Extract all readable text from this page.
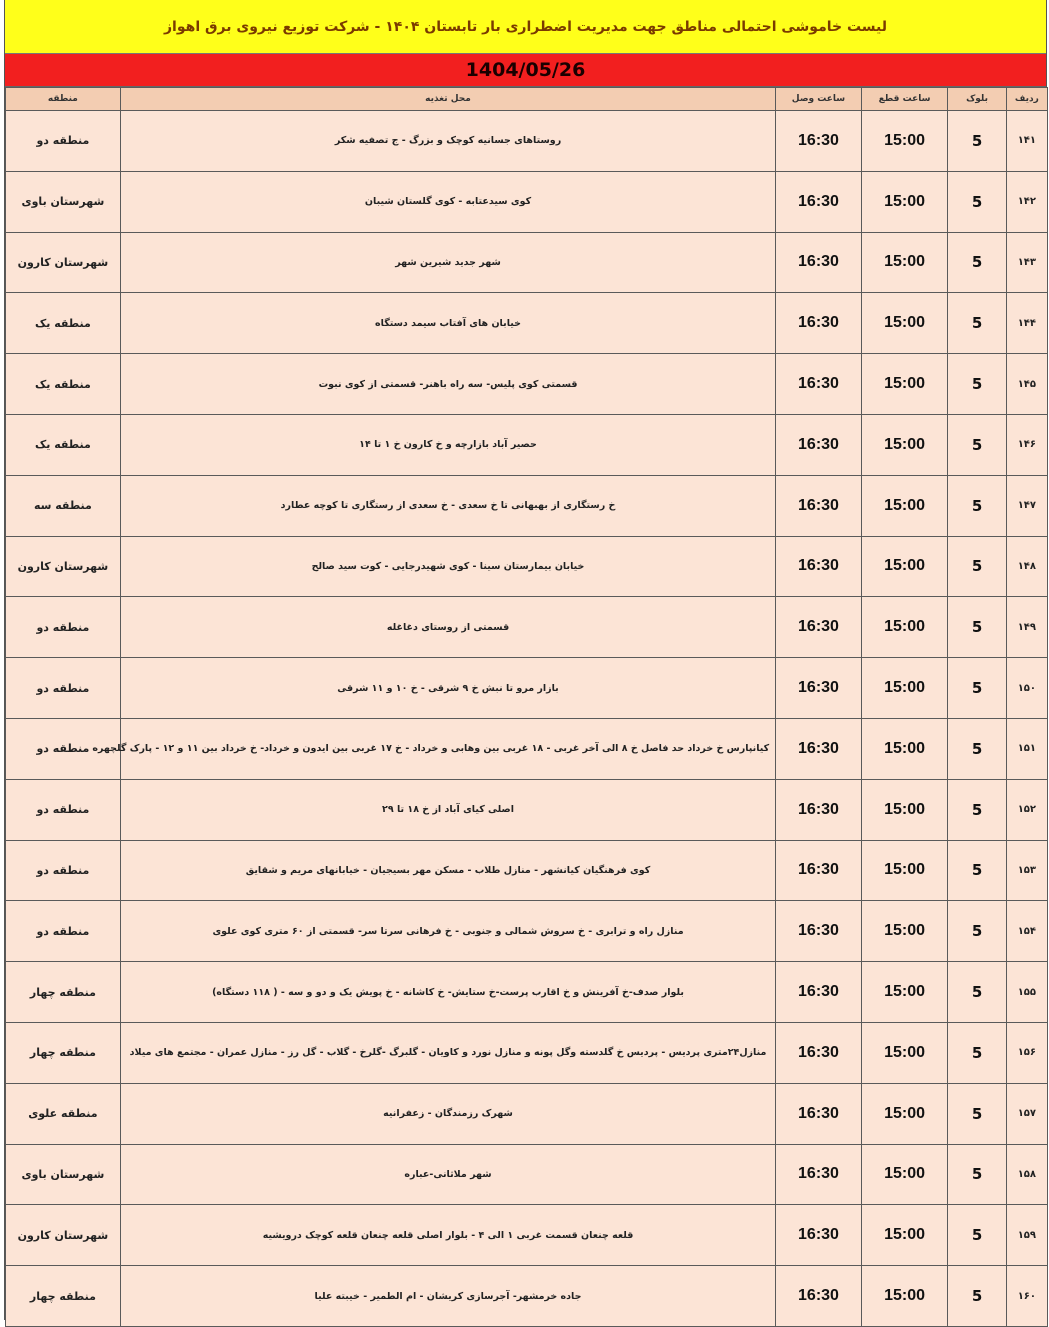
لیست خاموشی احتمالی مناطق جهت مدیریت اضطراری بار تابستان ۱۴۰۴ - شرکت توزیع نیروی برق اهواز
1404/05/26
ردیف	بلوک	ساعت قطع	ساعت وصل	محل تغذیه	منطقه
۱۴۱	5	15:00	16:30	روستاهای جسانیه کوچک و بزرگ - ج تصفیه شکر	منطقه دو
۱۴۲	5	15:00	16:30	کوی سیدعتابه - کوی گلستان شیبان	شهرستان باوی
۱۴۳	5	15:00	16:30	شهر جدید شیرین شهر	شهرستان کارون
۱۴۴	5	15:00	16:30	خیابان های آفتاب سیمد دستگاه	منطقه یک
۱۴۵	5	15:00	16:30	قسمتی کوی پلیس- سه راه باهنر- قسمتی از کوی نبوت	منطقه یک
۱۴۶	5	15:00	16:30	حصیر آباد بازارچه و خ کارون خ ۱ تا ۱۴	منطقه یک
۱۴۷	5	15:00	16:30	خ رستگاری از بهبهانی تا خ سعدی - خ سعدی از رستگاری تا کوچه عطارد	منطقه سه
۱۴۸	5	15:00	16:30	خیابان بیمارستان سینا - کوی شهیدرجایی - کوت سید صالح	شهرستان کارون
۱۴۹	5	15:00	16:30	قسمتی از روستای دغاغله	منطقه دو
۱۵۰	5	15:00	16:30	بازار مرو تا نبش خ ۹ شرقی - خ ۱۰ و ۱۱ شرقی	منطقه دو
۱۵۱	5	15:00	16:30	کیانپارس خ خرداد حد فاصل خ ۸ الی آخر غربی - ۱۸ غربی بین وهابی و خرداد - خ ۱۷ غربی بین ایدون و خرداد- خ خرداد بین ۱۱ و ۱۲ - پارک گلچهره	منطقه دو
۱۵۲	5	15:00	16:30	اصلی کیای آباد از خ ۱۸ تا ۲۹	منطقه دو
۱۵۳	5	15:00	16:30	کوی فرهنگیان کیانشهر - منازل طلاب - مسکن مهر بسیجیان - خیابانهای مریم و شقایق	منطقه دو
۱۵۴	5	15:00	16:30	منازل راه و ترابری - خ سروش شمالی و جنوبی - خ فرهانی سرتا سر- قسمتی از ۶۰ متری کوی علوی	منطقه دو
۱۵۵	5	15:00	16:30	بلوار صدف-خ آفرینش و خ اقارب پرست-خ ستایش- خ کاشانه - خ پویش یک و دو و سه - ( ۱۱۸ دستگاه)	منطقه چهار
۱۵۶	5	15:00	16:30	منازل۲۴متری پردیس - پردیس خ گلدسته وگل پونه و منازل نورد و کاویان - گلبرگ -گلرخ - گلاب - گل رز - منازل عمران - مجتمع های میلاد	منطقه چهار
۱۵۷	5	15:00	16:30	شهرک رزمندگان - زعفرانیه	منطقه علوی
۱۵۸	5	15:00	16:30	شهر ملاثانی-عباره	شهرستان باوی
۱۵۹	5	15:00	16:30	قلعه چنعان قسمت غربی ۱ الی ۴ - بلوار اصلی قلعه چنعان قلعه کوچک درویشیه	شهرستان کارون
۱۶۰	5	15:00	16:30	جاده خرمشهر- آجرسازی کریشان - ام الطمیر - خیبته علیا	منطقه چهار
